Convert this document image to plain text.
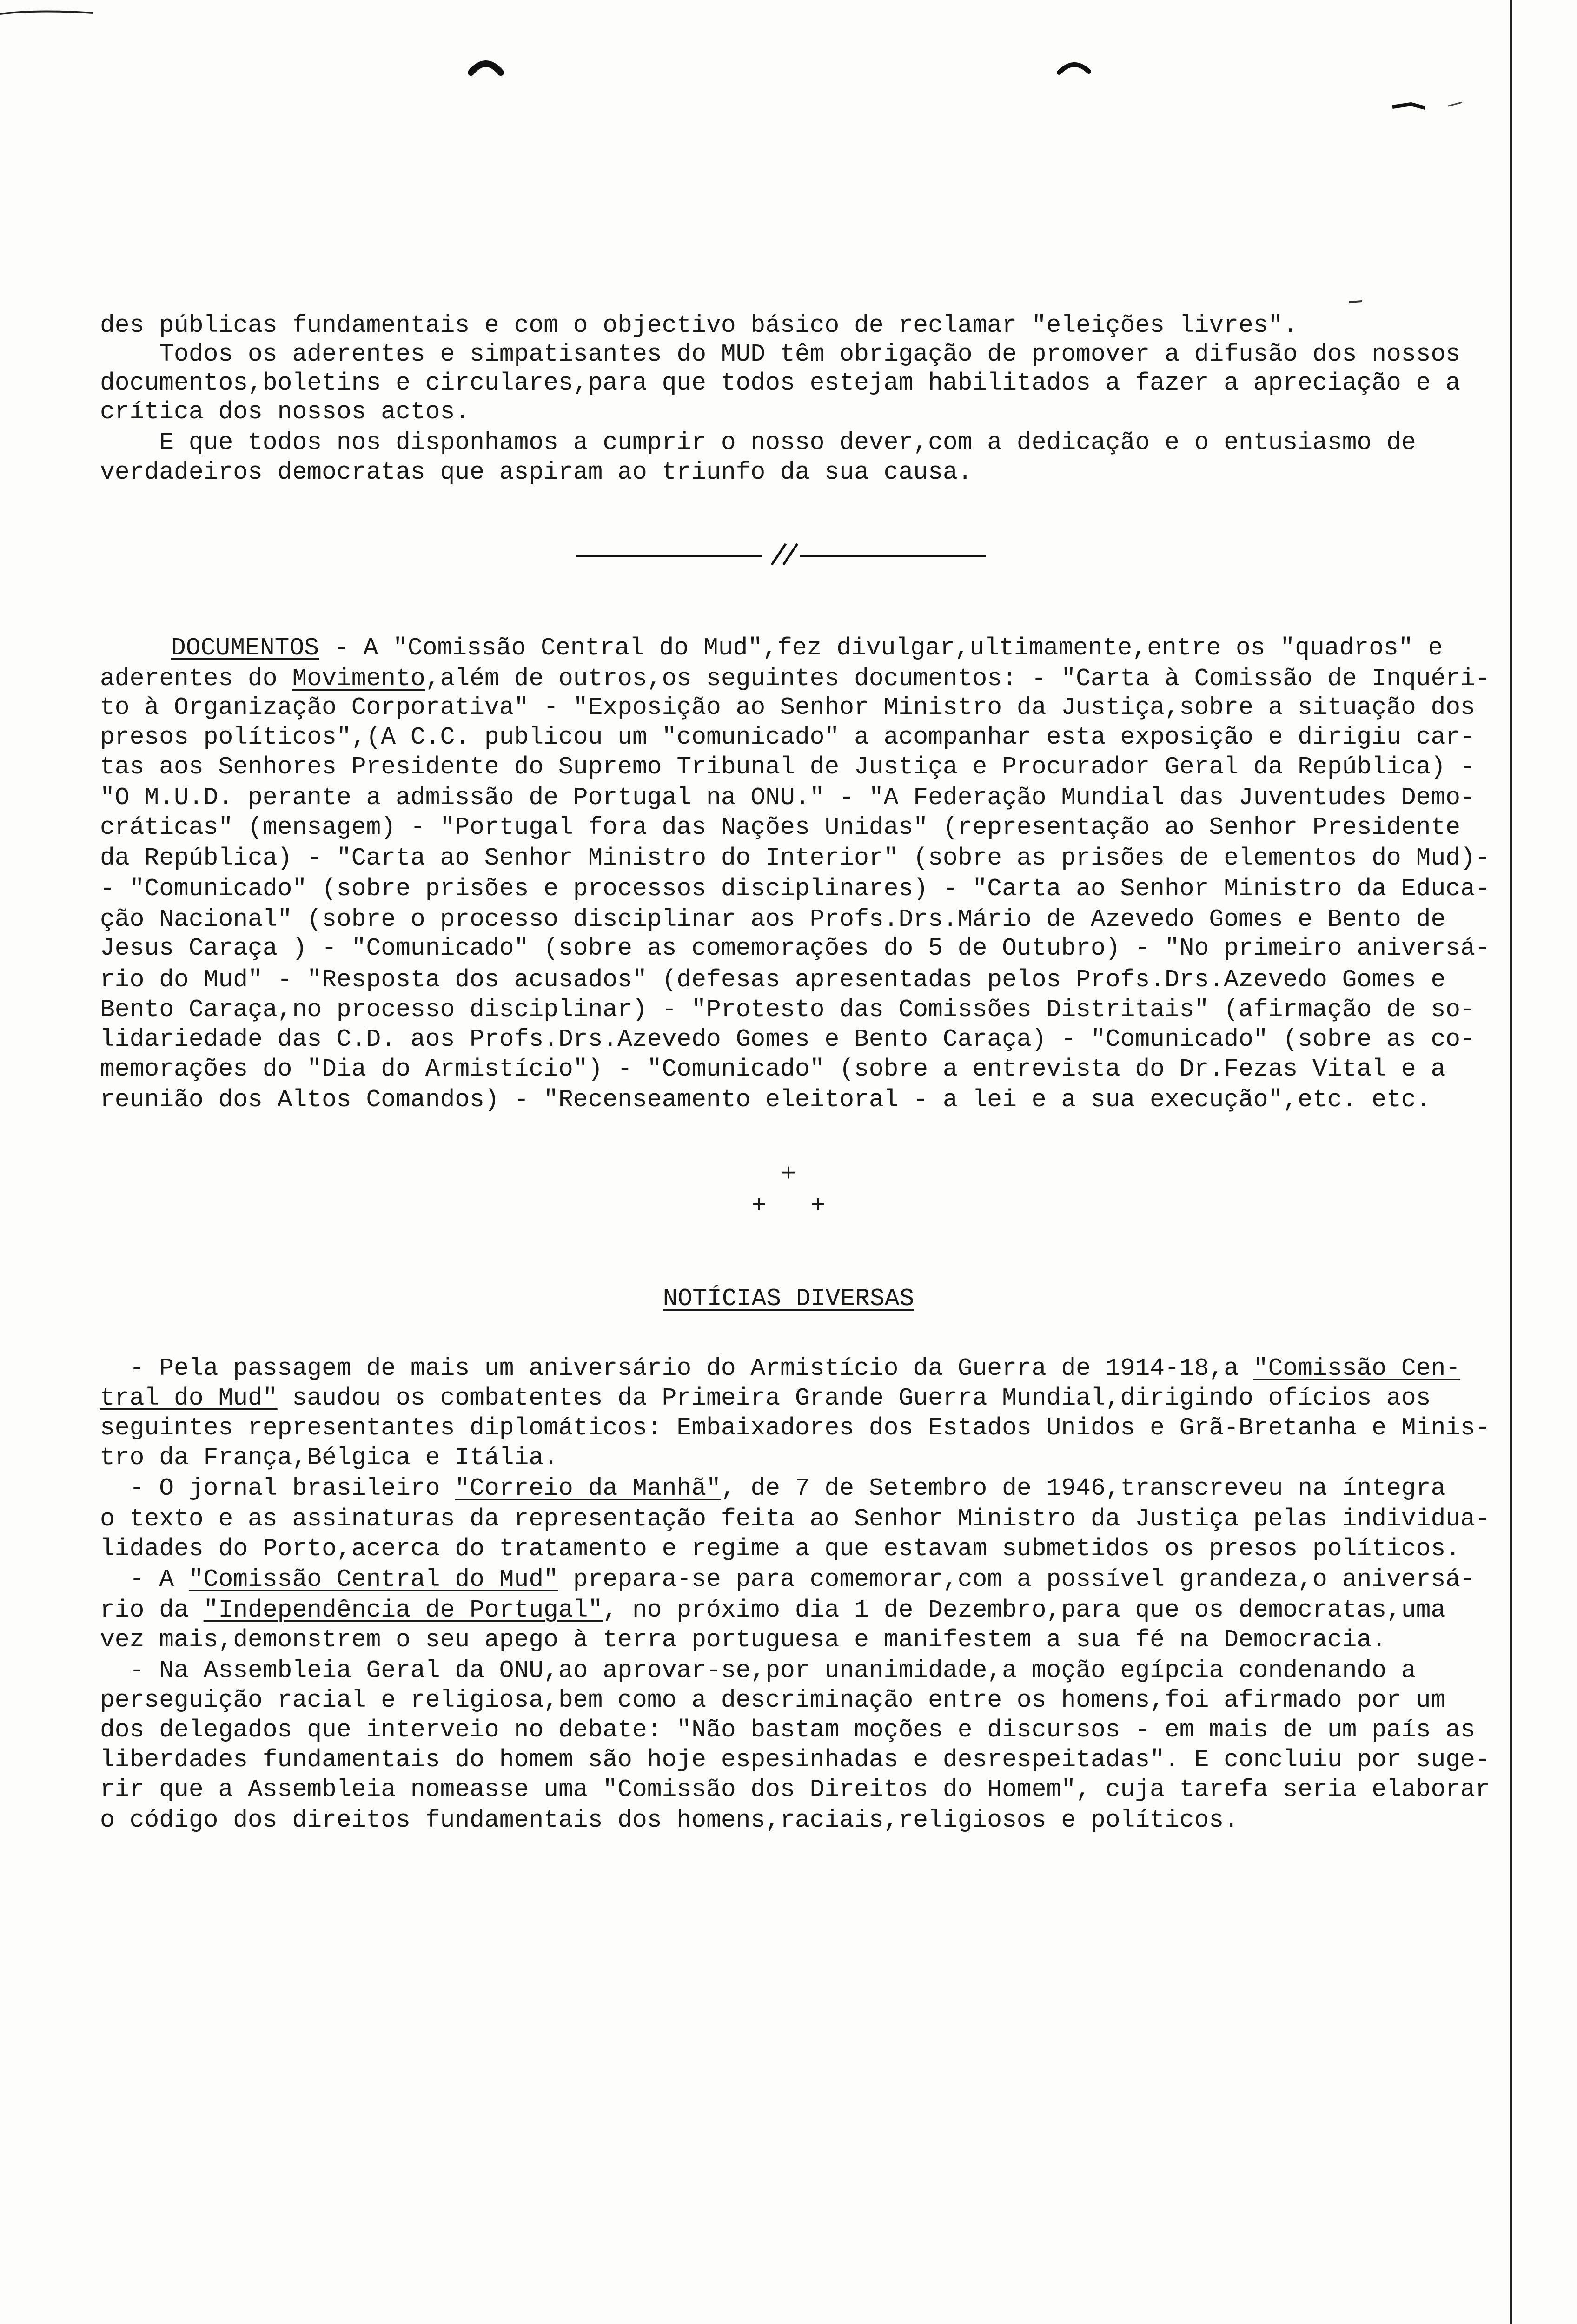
des públicas fundamentais e com o objectivo básico de reclamar "eleições livres".
Todos os aderentes e simpatisantes do MUD têm obrigação de promover a difusão dos nossos
documentos,boletins e circulares,para que todos estejam habilitados a fazer a apreciação e a
crítica dos nossos actos.
E que todos nos disponhamos a cumprir o nosso dever,com a dedicação e o entusiasmo de
verdadeiros democratas que aspiram ao triunfo da sua causa.
DOCUMENTOS - A "Comissão Central do Mud",fez divulgar,ultimamente,entre os "quadros" e
aderentes do Movimento,além de outros,os seguintes documentos: - "Carta à Comissão de Inquéri-
to à Organização Corporativa" - "Exposição ao Senhor Ministro da Justiça,sobre a situação dos
presos políticos",(A C.C. publicou um "comunicado" a acompanhar esta exposição e dirigiu car-
tas aos Senhores Presidente do Supremo Tribunal de Justiça e Procurador Geral da República) -
"O M.U.D. perante a admissão de Portugal na ONU." - "A Federação Mundial das Juventudes Demo-
cráticas" (mensagem) - "Portugal fora das Nações Unidas" (representação ao Senhor Presidente
da República) - "Carta ao Senhor Ministro do Interior" (sobre as prisões de elementos do Mud)-
- "Comunicado" (sobre prisões e processos disciplinares) - "Carta ao Senhor Ministro da Educa-
ção Nacional" (sobre o processo disciplinar aos Profs.Drs.Mário de Azevedo Gomes e Bento de
Jesus Caraça ) - "Comunicado" (sobre as comemorações do 5 de Outubro) - "No primeiro aniversá-
rio do Mud" - "Resposta dos acusados" (defesas apresentadas pelos Profs.Drs.Azevedo Gomes e
Bento Caraça,no processo disciplinar) - "Protesto das Comissões Distritais" (afirmação de so-
lidariedade das C.D. aos Profs.Drs.Azevedo Gomes e Bento Caraça) - "Comunicado" (sobre as co-
memorações do "Dia do Armistício") - "Comunicado" (sobre a entrevista do Dr.Fezas Vital e a
reunião dos Altos Comandos) - "Recenseamento eleitoral - a lei e a sua execução",etc. etc.
+
+   +
NOTÍCIAS DIVERSAS
- Pela passagem de mais um aniversário do Armistício da Guerra de 1914-18,a "Comissão Cen-
tral do Mud" saudou os combatentes da Primeira Grande Guerra Mundial,dirigindo ofícios aos
seguintes representantes diplomáticos: Embaixadores dos Estados Unidos e Grã-Bretanha e Minis-
tro da França,Bélgica e Itália.
- O jornal brasileiro "Correio da Manhã", de 7 de Setembro de 1946,transcreveu na íntegra
o texto e as assinaturas da representação feita ao Senhor Ministro da Justiça pelas individua-
lidades do Porto,acerca do tratamento e regime a que estavam submetidos os presos políticos.
- A "Comissão Central do Mud" prepara-se para comemorar,com a possível grandeza,o aniversá-
rio da "Independência de Portugal", no próximo dia 1 de Dezembro,para que os democratas,uma
vez mais,demonstrem o seu apego à terra portuguesa e manifestem a sua fé na Democracia.
- Na Assembleia Geral da ONU,ao aprovar-se,por unanimidade,a moção egípcia condenando a
perseguição racial e religiosa,bem como a descriminação entre os homens,foi afirmado por um
dos delegados que interveio no debate: "Não bastam moções e discursos - em mais de um país as
liberdades fundamentais do homem são hoje espesinhadas e desrespeitadas". E concluiu por suge-
rir que a Assembleia nomeasse uma "Comissão dos Direitos do Homem", cuja tarefa seria elaborar
o código dos direitos fundamentais dos homens,raciais,religiosos e políticos.
